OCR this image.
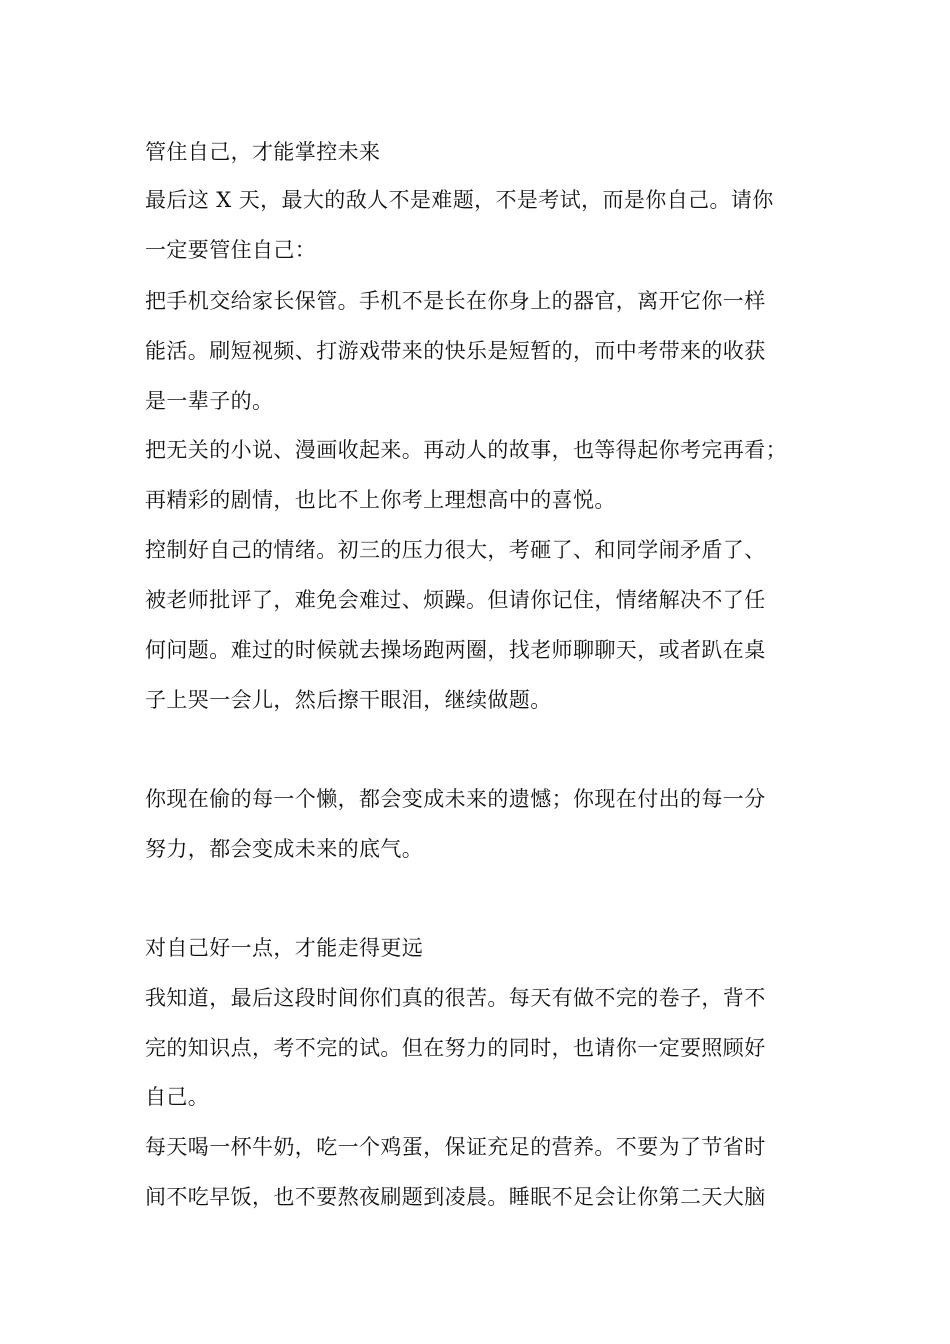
管住自己，才能掌控未来
最后这 X 天，最大的敌人不是难题，不是考试，而是你自己。请你
一定要管住自己：
把手机交给家长保管。手机不是长在你身上的器官，离开它你一样
能活。刷短视频、打游戏带来的快乐是短暂的，而中考带来的收获
是一辈子的。
把无关的小说、漫画收起来。再动人的故事，也等得起你考完再看；
再精彩的剧情，也比不上你考上理想高中的喜悦。
控制好自己的情绪。初三的压力很大，考砸了、和同学闹矛盾了、
被老师批评了，难免会难过、烦躁。但请你记住，情绪解决不了任
何问题。难过的时候就去操场跑两圈，找老师聊聊天，或者趴在桌
子上哭一会儿，然后擦干眼泪，继续做题。
你现在偷的每一个懒，都会变成未来的遗憾；你现在付出的每一分
努力，都会变成未来的底气。
对自己好一点，才能走得更远
我知道，最后这段时间你们真的很苦。每天有做不完的卷子，背不
完的知识点，考不完的试。但在努力的同时，也请你一定要照顾好
自己。
每天喝一杯牛奶，吃一个鸡蛋，保证充足的营养。不要为了节省时
间不吃早饭，也不要熬夜刷题到凌晨。睡眠不足会让你第二天大脑
